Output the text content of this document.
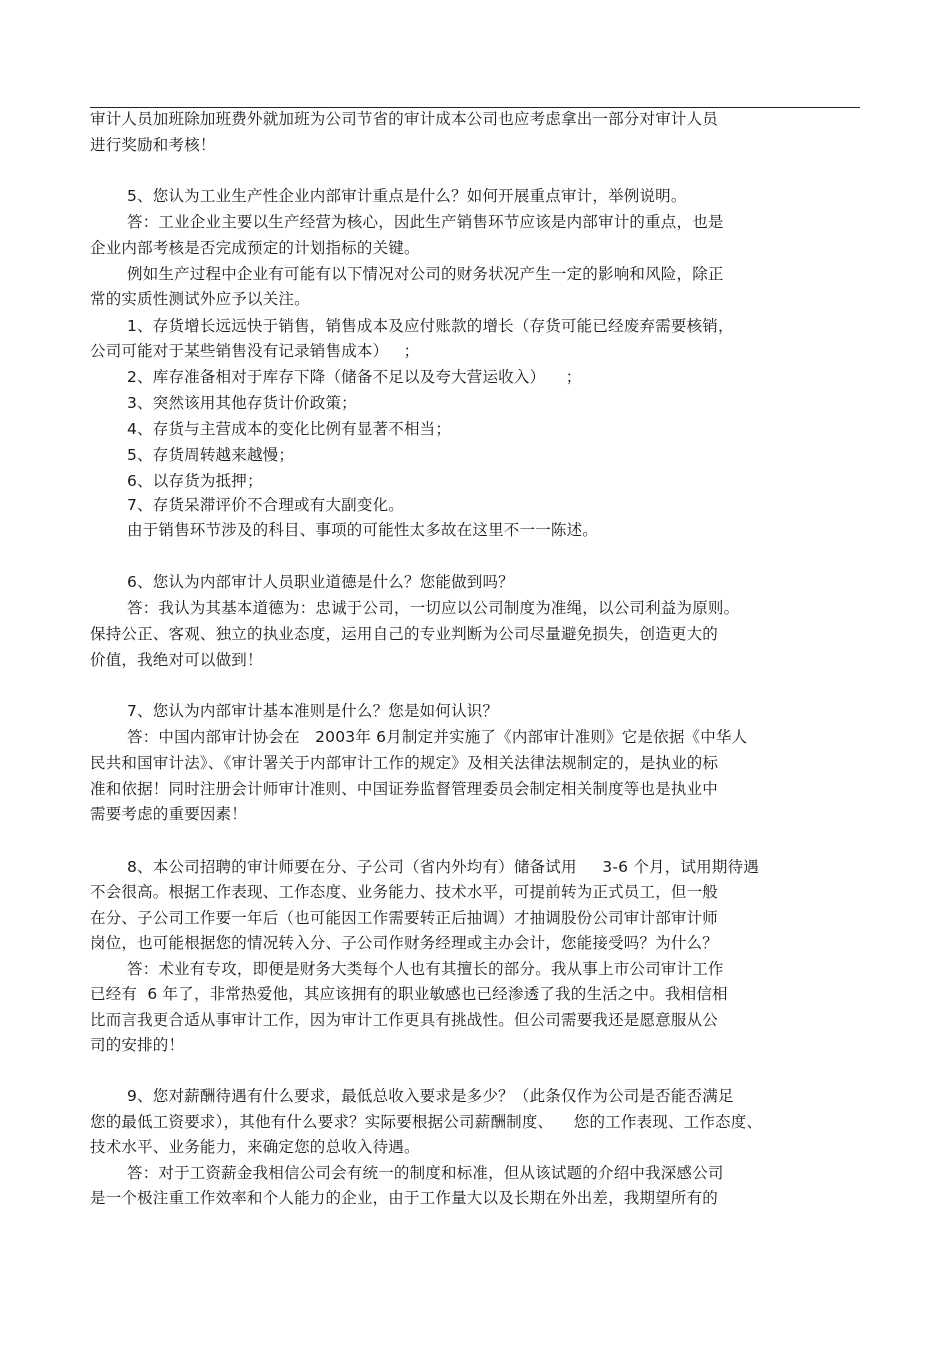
审计人员加班除加班费外就加班为公司节省的审计成本公司也应考虑拿出一部分对审计人员
进行奖励和考核！
5、您认为工业生产性企业内部审计重点是什么？如何开展重点审计，举例说明。
答：工业企业主要以生产经营为核心，因此生产销售环节应该是内部审计的重点，也是
企业内部考核是否完成预定的计划指标的关键。
例如生产过程中企业有可能有以下情况对公司的财务状况产生一定的影响和风险，除正
常的实质性测试外应予以关注。
1、存货增长远远快于销售，销售成本及应付账款的增长（存货可能已经废弃需要核销，
公司可能对于某些销售没有记录销售成本）   ；
2、库存准备相对于库存下降（储备不足以及夸大营运收入）    ；
3、突然该用其他存货计价政策；
4、存货与主营成本的变化比例有显著不相当；
5、存货周转越来越慢；
6、以存货为抵押；
7、存货呆滞评价不合理或有大副变化。
由于销售环节涉及的科目、事项的可能性太多故在这里不一一陈述。
6、您认为内部审计人员职业道德是什么？您能做到吗？
答：我认为其基本道德为：忠诚于公司，一切应以公司制度为准绳，以公司利益为原则。
保持公正、客观、独立的执业态度，运用自己的专业判断为公司尽量避免损失，创造更大的
价值，我绝对可以做到！
7、您认为内部审计基本准则是什么？您是如何认识？
答：中国内部审计协会在   2003年 6月制定并实施了《内部审计准则》它是依据《中华人
民共和国审计法》、《审计署关于内部审计工作的规定》及相关法律法规制定的，是执业的标
准和依据！同时注册会计师审计准则、中国证券监督管理委员会制定相关制度等也是执业中
需要考虑的重要因素！
8、本公司招聘的审计师要在分、子公司（省内外均有）储备试用     3-6 个月，试用期待遇
不会很高。根据工作表现、工作态度、业务能力、技术水平，可提前转为正式员工，但一般
在分、子公司工作要一年后（也可能因工作需要转正后抽调）才抽调股份公司审计部审计师
岗位，也可能根据您的情况转入分、子公司作财务经理或主办会计，您能接受吗？为什么？
答：术业有专攻，即便是财务大类每个人也有其擅长的部分。我从事上市公司审计工作
已经有  6 年了，非常热爱他，其应该拥有的职业敏感也已经渗透了我的生活之中。我相信相
比而言我更合适从事审计工作，因为审计工作更具有挑战性。但公司需要我还是愿意服从公
司的安排的！
9、您对薪酬待遇有什么要求，最低总收入要求是多少？（此条仅作为公司是否能否满足
您的最低工资要求），其他有什么要求？实际要根据公司薪酬制度、    您的工作表现、工作态度、
技术水平、业务能力，来确定您的总收入待遇。
答：对于工资薪金我相信公司会有统一的制度和标准，但从该试题的介绍中我深感公司
是一个极注重工作效率和个人能力的企业，由于工作量大以及长期在外出差，我期望所有的
